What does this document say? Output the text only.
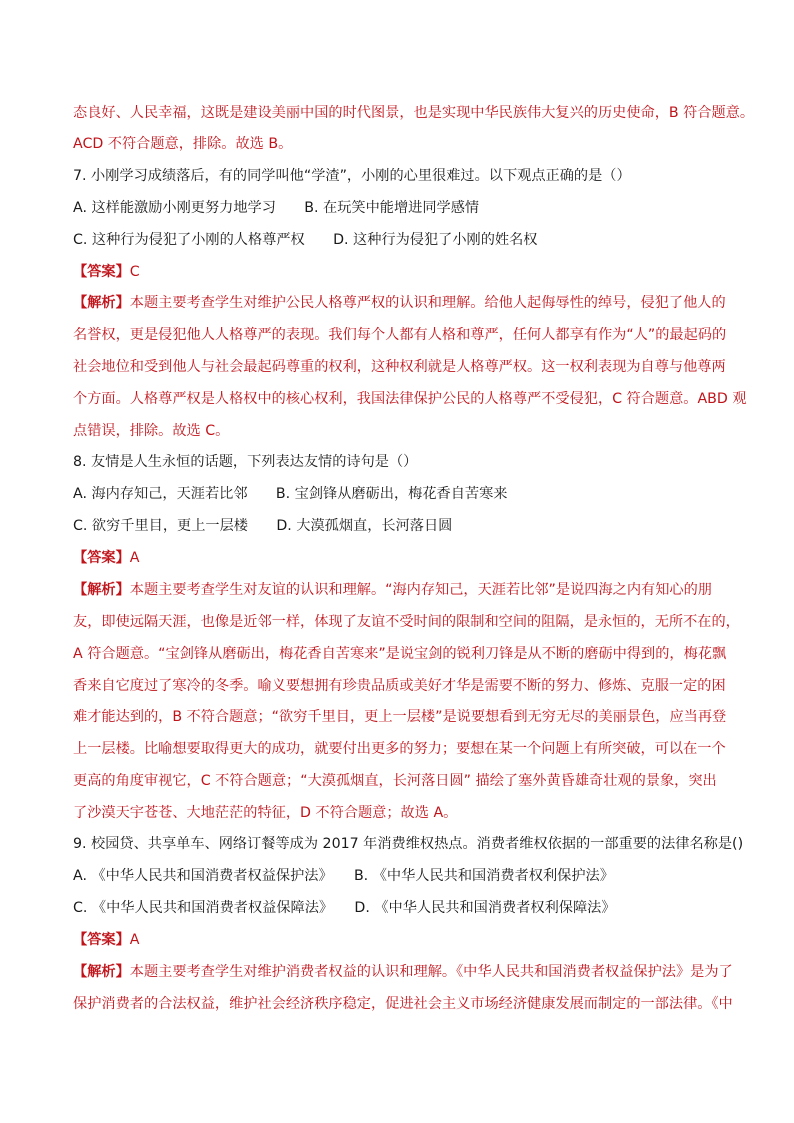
态良好、人民幸福，这既是建设美丽中国的时代图景，也是实现中华民族伟大复兴的历史使命，B 符合题意。
ACD 不符合题意，排除。故选 B。
7. 小刚学习成绩落后，有的同学叫他“学渣”，小刚的心里很难过。以下观点正确的是（）
A. 这样能激励小刚更努力地学习　　B. 在玩笑中能增进同学感情
C. 这种行为侵犯了小刚的人格尊严权　　D. 这种行为侵犯了小刚的姓名权
【答案】C
【解析】本题主要考查学生对维护公民人格尊严权的认识和理解。给他人起侮辱性的绰号，侵犯了他人的
名誉权，更是侵犯他人人格尊严的表现。我们每个人都有人格和尊严，任何人都享有作为“人”的最起码的
社会地位和受到他人与社会最起码尊重的权利，这种权利就是人格尊严权。这一权利表现为自尊与他尊两
个方面。人格尊严权是人格权中的核心权利，我国法律保护公民的人格尊严不受侵犯，C 符合题意。ABD 观
点错误，排除。故选 C。
8. 友情是人生永恒的话题，下列表达友情的诗句是（）
A. 海内存知己，天涯若比邻　　B. 宝剑锋从磨砺出，梅花香自苦寒来
C. 欲穷千里目，更上一层楼　　D. 大漠孤烟直，长河落日圆
【答案】A
【解析】本题主要考查学生对友谊的认识和理解。“海内存知己，天涯若比邻”是说四海之内有知心的朋
友，即使远隔天涯，也像是近邻一样，体现了友谊不受时间的限制和空间的阻隔，是永恒的，无所不在的，
A 符合题意。“宝剑锋从磨砺出，梅花香自苦寒来”是说宝剑的锐利刀锋是从不断的磨砺中得到的，梅花飘
香来自它度过了寒冷的冬季。喻义要想拥有珍贵品质或美好才华是需要不断的努力、修炼、克服一定的困
难才能达到的，B 不符合题意；“欲穷千里目，更上一层楼”是说要想看到无穷无尽的美丽景色，应当再登
上一层楼。比喻想要取得更大的成功，就要付出更多的努力；要想在某一个问题上有所突破，可以在一个
更高的角度审视它，C 不符合题意；“大漠孤烟直，长河落日圆” 描绘了塞外黄昏雄奇壮观的景象，突出
了沙漠天宇苍苍、大地茫茫的特征，D 不符合题意；故选 A。
9. 校园贷、共享单车、网络订餐等成为 2017 年消费维权热点。消费者维权依据的一部重要的法律名称是()
A. 《中华人民共和国消费者权益保护法》　　B. 《中华人民共和国消费者权利保护法》
C. 《中华人民共和国消费者权益保障法》　　D. 《中华人民共和国消费者权利保障法》
【答案】A
【解析】本题主要考查学生对维护消费者权益的认识和理解。《中华人民共和国消费者权益保护法》是为了
保护消费者的合法权益，维护社会经济秩序稳定，促进社会主义市场经济健康发展而制定的一部法律。《中
